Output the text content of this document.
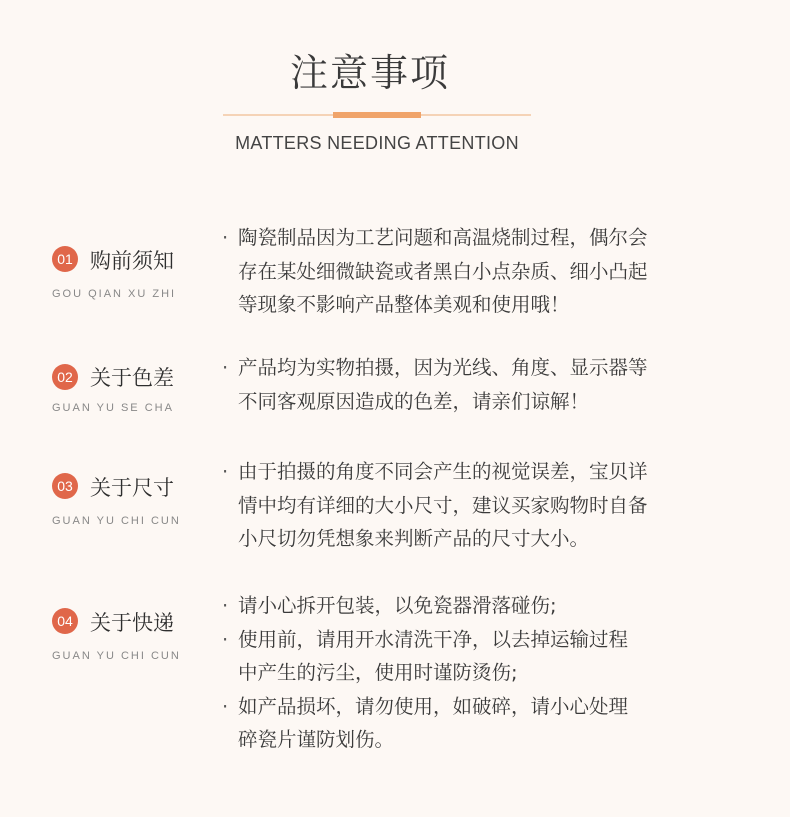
注意事项
MATTERS NEEDING ATTENTION
01 购前须知
GOU QIAN XU ZHI
· 陶瓷制品因为工艺问题和高温烧制过程，偶尔会
存在某处细微缺瓷或者黑白小点杂质、细小凸起
等现象不影响产品整体美观和使用哦！
02 关于色差
GUAN YU SE CHA
· 产品均为实物拍摄，因为光线、角度、显示器等
不同客观原因造成的色差，请亲们谅解！
03 关于尺寸
GUAN YU CHI CUN
· 由于拍摄的角度不同会产生的视觉误差，宝贝详
情中均有详细的大小尺寸，建议买家购物时自备
小尺切勿凭想象来判断产品的尺寸大小。
04 关于快递
GUAN YU CHI CUN
· 请小心拆开包装，以免瓷器滑落碰伤;
· 使用前，请用开水清洗干净，以去掉运输过程
中产生的污尘，使用时谨防烫伤;
· 如产品损坏，请勿使用，如破碎，请小心处理
碎瓷片谨防划伤。
